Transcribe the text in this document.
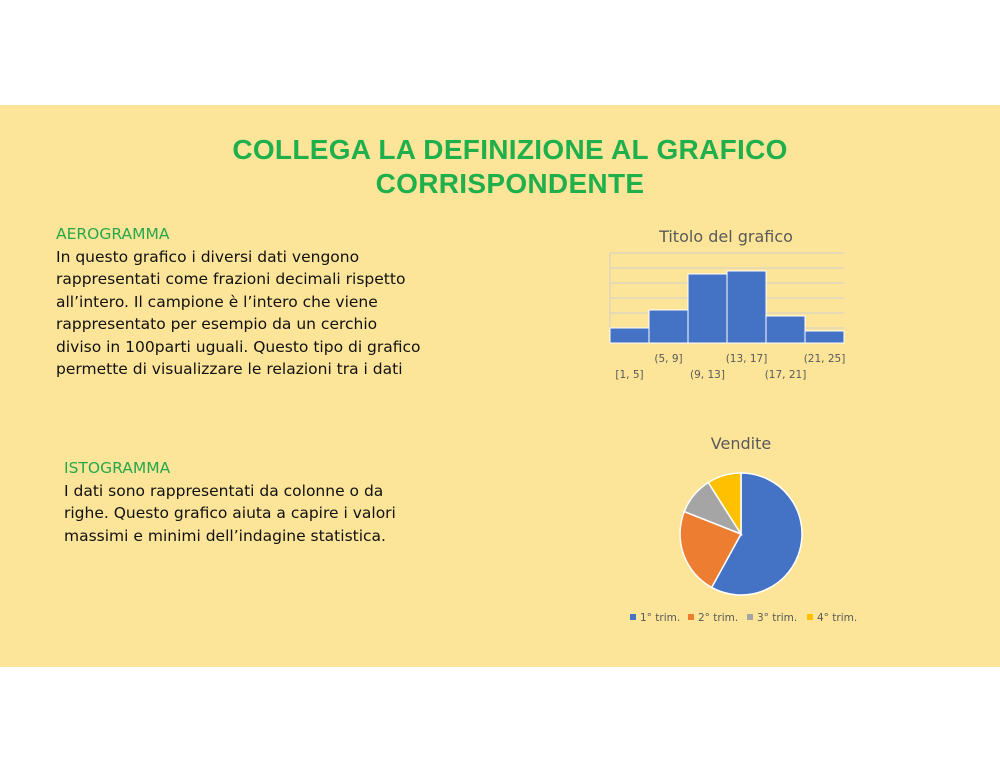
COLLEGA LA DEFINIZIONE AL GRAFICO
CORRISPONDENTE
AEROGRAMMA
In questo grafico i diversi dati vengono
rappresentati come frazioni decimali rispetto
all’intero. Il campione è l’intero che viene
rappresentato per esempio da un cerchio
diviso in 100parti uguali. Questo tipo di grafico
permette di visualizzare le relazioni tra i dati
ISTOGRAMMA
I dati sono rappresentati da colonne o da
righe. Questo grafico aiuta a capire i valori
massimi e minimi dell’indagine statistica.
Titolo del grafico
[1, 5]
(5, 9]
(9, 13]
(13, 17]
(17, 21]
(21, 25]
Vendite
1° trim. 2° trim. 3° trim. 4° trim.
